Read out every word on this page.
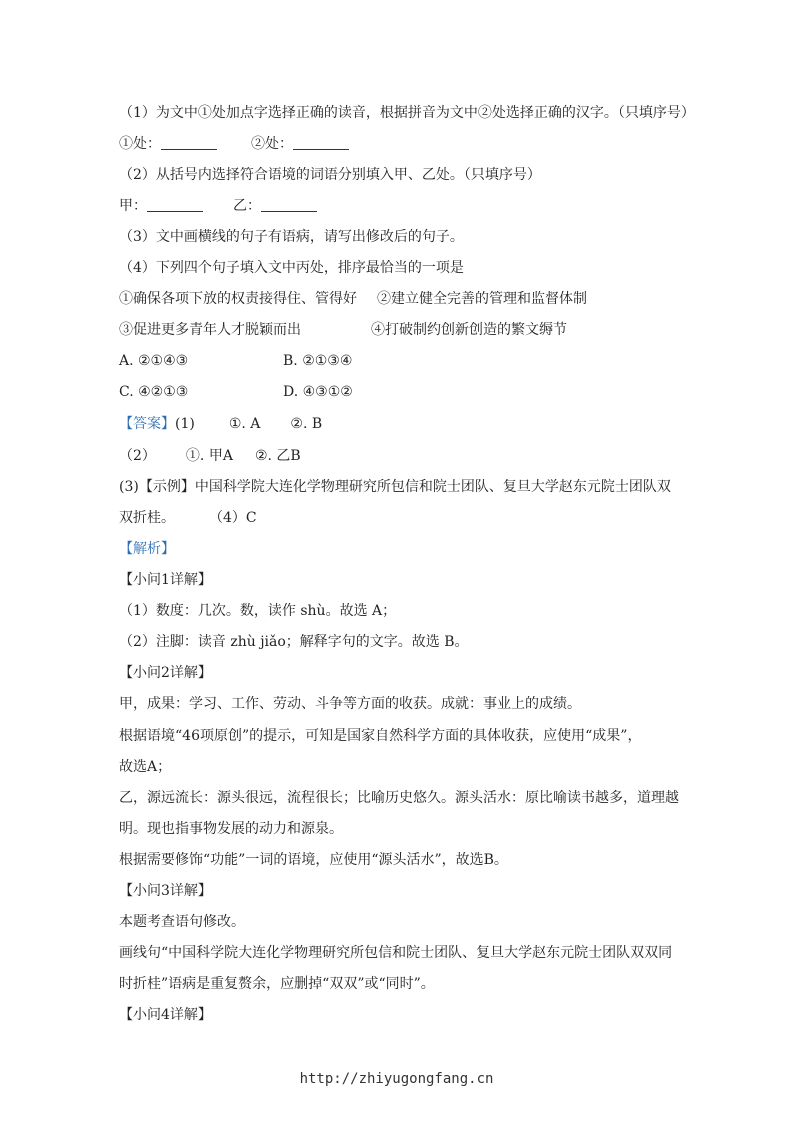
（1）为文中①处加点字选择正确的读音，根据拼音为文中②处选择正确的汉字。（只填序号）
①处：	②处：
（2）从括号内选择符合语境的词语分别填入甲、乙处。（只填序号）
甲：	乙：
（3）文中画横线的句子有语病，请写出修改后的句子。
（4）下列四个句子填入文中丙处，排序最恰当的一项是
①确保各项下放的权责接得住、管得好 ②建立健全完善的管理和监督体制
③促进更多青年人才脱颖而出	④打破制约创新创造的繁文缛节
A. ②①④③	B. ②①③④
C. ④②①③	D. ④③①②
【答案】(1) ①. A ②. B
（2） ①. 甲A ②. 乙B
(3)【示例】中国科学院大连化学物理研究所包信和院士团队、复旦大学赵东元院士团队双
双折桂。 （4）C
【解析】
【小问1详解】
（1）数度：几次。数，读作 shù。故选 A；
（2）注脚：读音 zhù jiǎo；解释字句的文字。故选 B。
【小问2详解】
甲，成果：学习、工作、劳动、斗争等方面的收获。成就：事业上的成绩。
根据语境“46项原创”的提示，可知是国家自然科学方面的具体收获，应使用“成果”，
故选A；
乙，源远流长：源头很远，流程很长；比喻历史悠久。源头活水：原比喻读书越多，道理越
明。现也指事物发展的动力和源泉。
根据需要修饰“功能”一词的语境，应使用“源头活水”，故选B。
【小问3详解】
本题考查语句修改。
画线句“中国科学院大连化学物理研究所包信和院士团队、复旦大学赵东元院士团队双双同
时折桂”语病是重复赘余，应删掉“双双”或“同时”。
【小问4详解】
http://zhiyugongfang.cn
